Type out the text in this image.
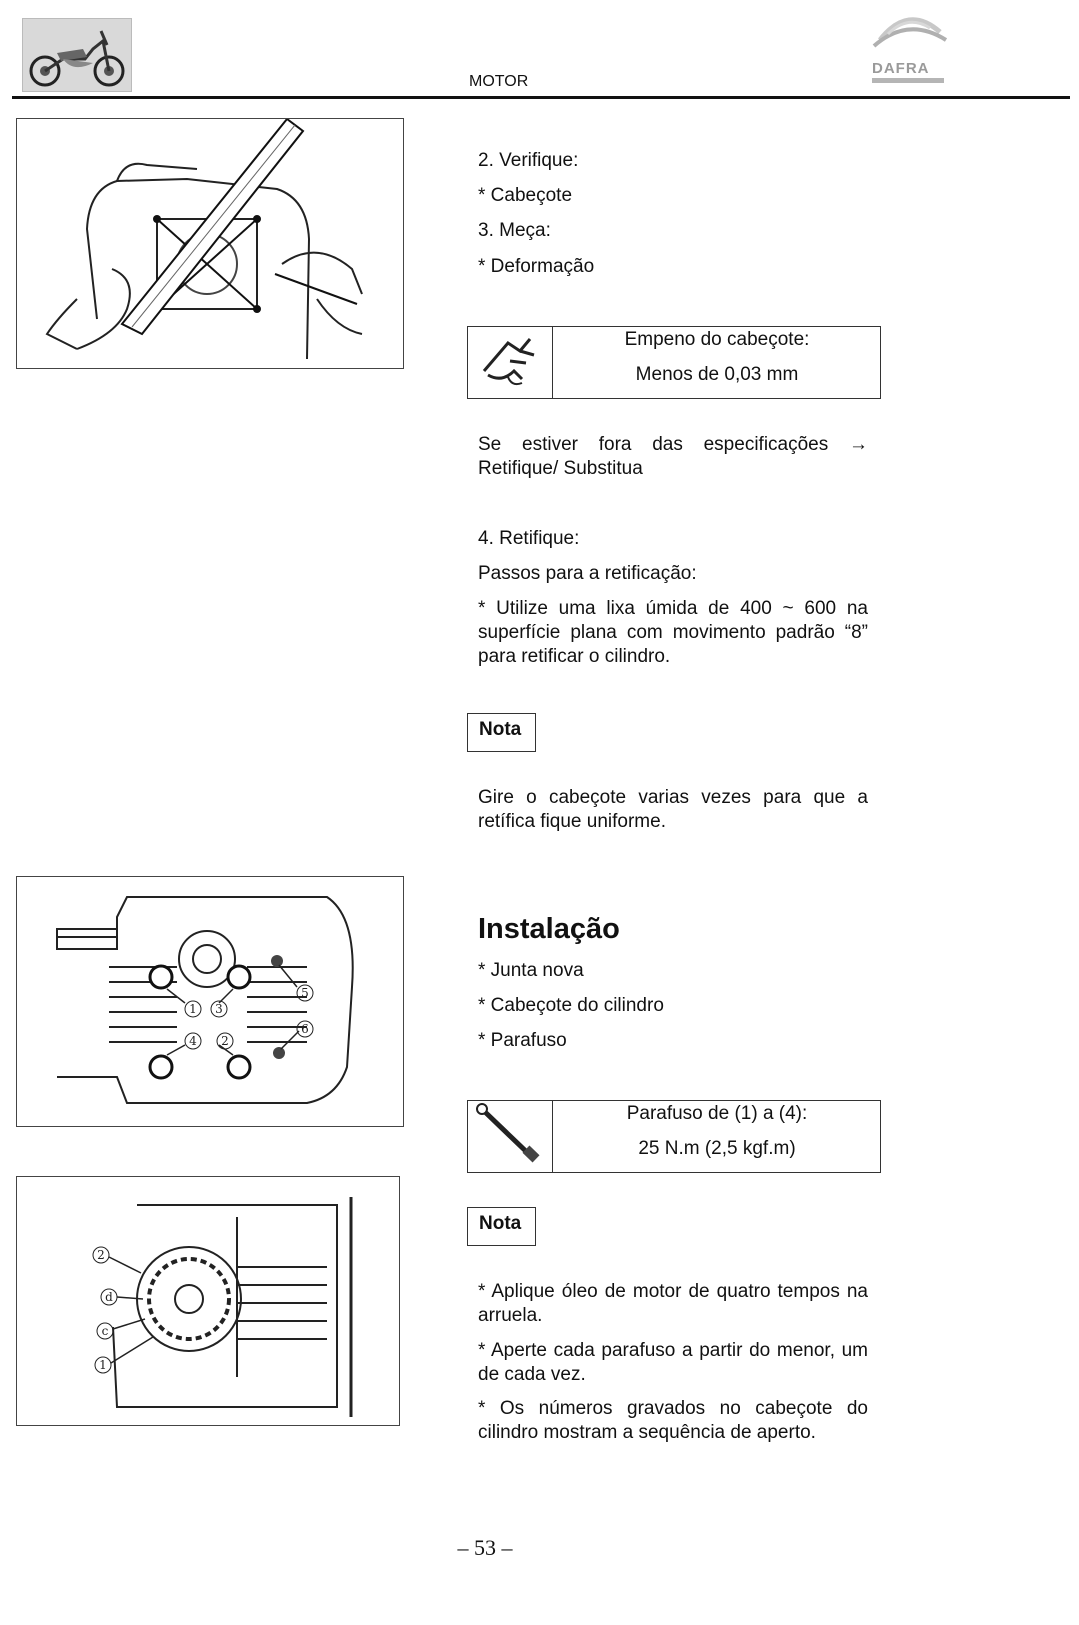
MOTOR
DAFRA
2. Verifique:
* Cabeçote
3. Meça:
* Deformação
Empeno do cabeçote:
Menos de 0,03 mm
Se estiver fora das especificações → Retifique/ Substitua
4. Retifique:
Passos para a retificação:
* Utilize uma lixa úmida de 400 ~ 600 na superfície plana com movimento padrão “8” para retificar o cilindro.
Nota
Gire o cabeçote varias vezes para que a retífica fique uniforme.
1 3
4 2
5
6
Instalação
* Junta nova
* Cabeçote do cilindro
* Parafuso
Parafuso de (1) a (4):
25 N.m (2,5 kgf.m)
2
d
c
1
Nota
* Aplique óleo de motor de quatro tempos na arruela.
* Aperte cada parafuso a partir do menor, um de cada vez.
* Os números gravados no cabeçote do cilindro mostram a sequência de aperto.
– 53 –
